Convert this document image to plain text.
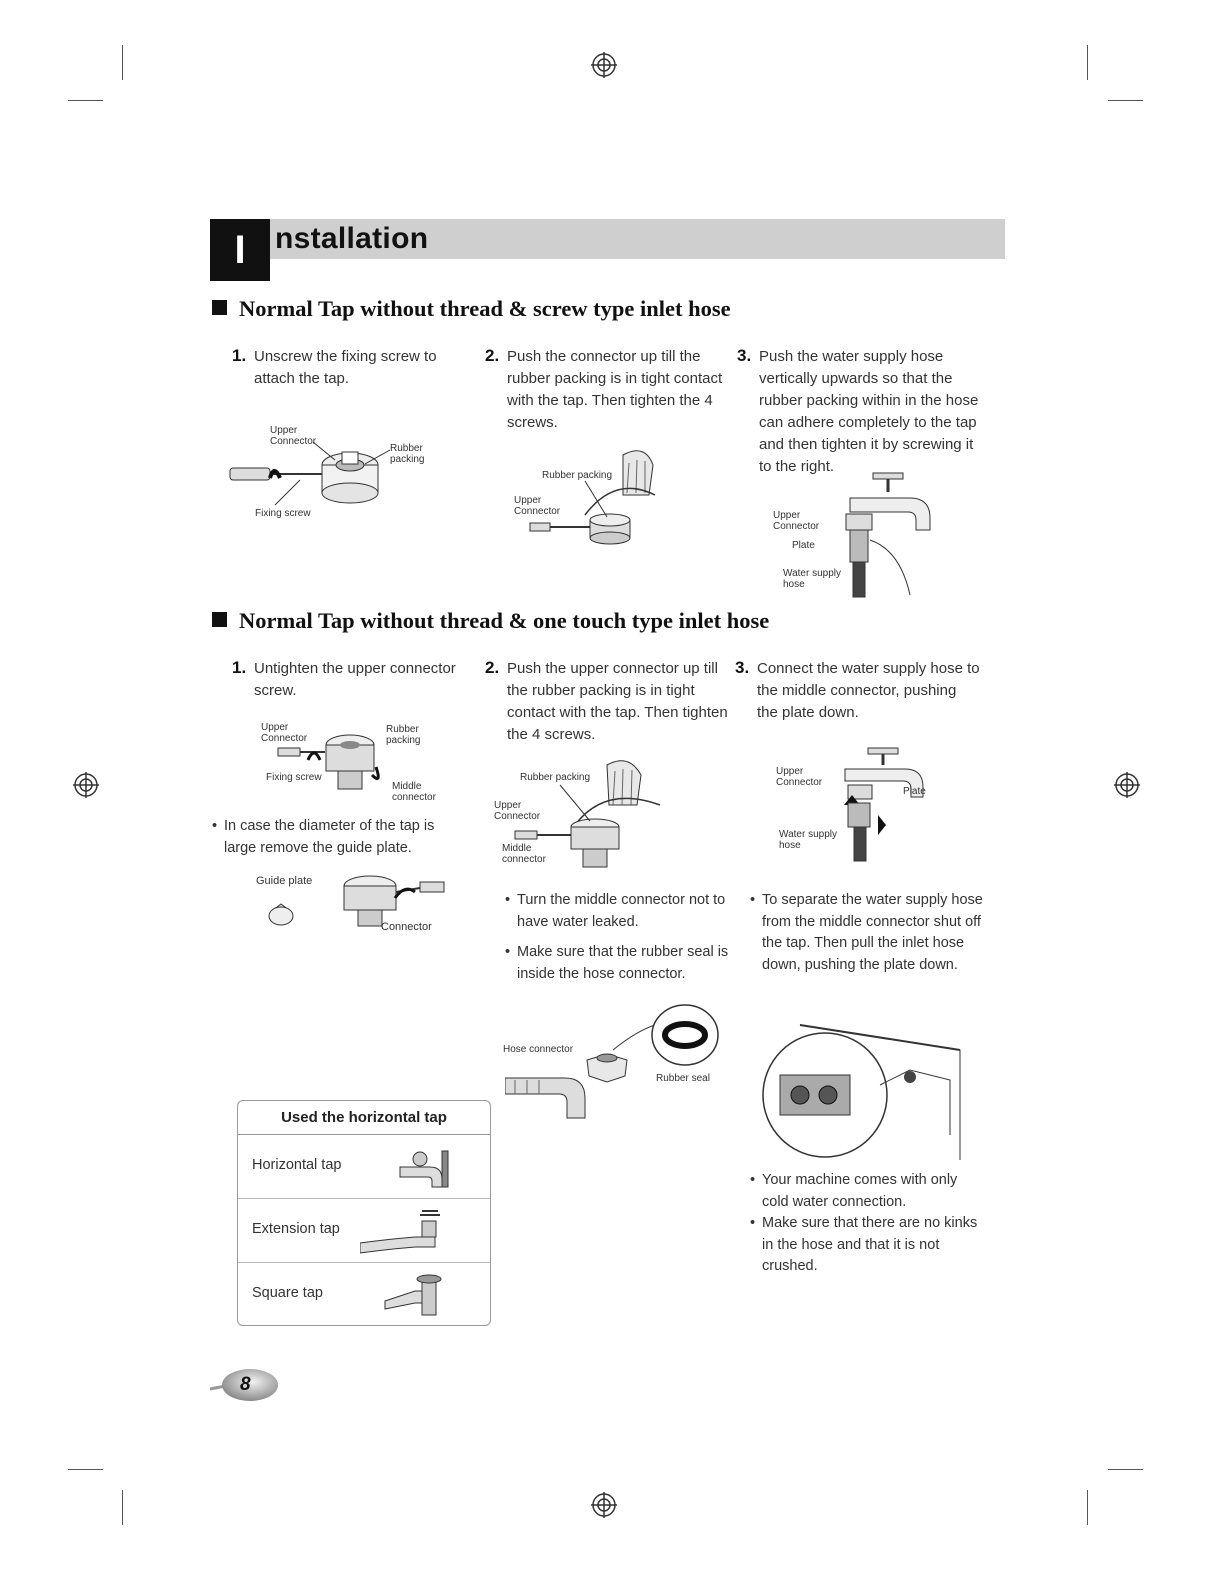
I nstallation
Normal Tap without thread & screw type inlet hose
1. Unscrew the fixing screw to attach the tap.
2. Push the connector up till the rubber packing is in tight contact with the tap. Then tighten the 4 screws.
3. Push the water supply hose vertically upwards so that the rubber packing within in the hose can adhere completely to the tap and then tighten it by screwing it to the right.
Upper Connector
Rubber packing
Fixing screw
Rubber packing
Upper Connector	Upper Connector
Plate
Water supply hose
Normal Tap without thread & one touch type inlet hose
1. Untighten the upper connector screw.
2. Push the upper connector up till the rubber packing is in tight contact with the tap. Then tighten the 4 screws.
3. Connect the water supply hose to the middle connector, pushing the plate down.
Upper Connector
Rubber packing
Fixing screw
Middle connector
• In case the diameter of the tap is large remove the guide plate.
Guide plate
Connector
Rubber packing
Upper Connector
Middle connector
Upper Connector
Plate
Water supply hose
• Turn the middle connector not to have water leaked.
• Make sure that the rubber seal is inside the hose connector.
• To separate the water supply hose from the middle connector shut off the tap. Then pull the inlet hose down, pushing the plate down.
Hose connector
Rubber seal
• Your machine comes with only cold water connection.
• Make sure that there are no kinks in the hose and that it is not crushed.
Used the horizontal tap
Horizontal tap
Extension tap
Square tap
8
